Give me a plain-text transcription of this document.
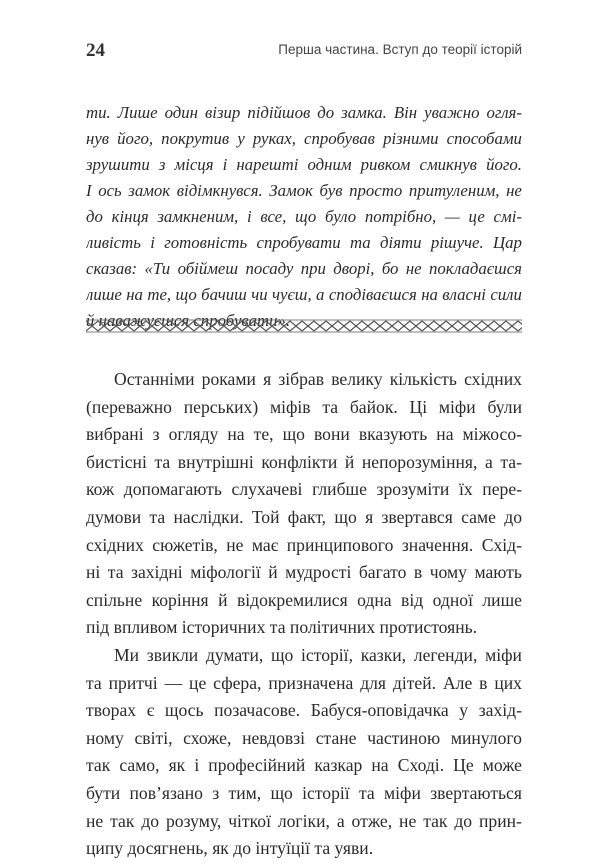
24	Перша частина. Вступ до теорії історій
ти. Лише один візир підійшов до замка. Він уважно огля-
нув його, покрутив у руках, спробував різними способами
зрушити з місця і нарешті одним ривком смикнув його.
І ось замок відімкнувся. Замок був просто притуленим, не
до кінця замкненим, і все, що було потрібно, — це смі-
ливість і готовність спробувати та діяти рішуче. Цар
сказав: «Ти обіймеш посаду при дворі, бо не покладаєшся
лише на те, що бачиш чи чуєш, а сподіваєшся на власні сили
й наважуєшся спробувати».
Останніми роками я зібрав велику кількість східних
(переважно перських) міфів та байок. Ці міфи були
вибрані з огляду на те, що вони вказують на міжосо-
бистісні та внутрішні конфлікти й непорозуміння, а та-
кож допомагають слухачеві глибше зрозуміти їх пере-
думови та наслідки. Той факт, що я звертався саме до
східних сюжетів, не має принципового значення. Схід-
ні та західні міфології й мудрості багато в чому мають
спільне коріння й відокремилися одна від одної лише
під впливом історичних та політичних протистоянь.
Ми звикли думати, що історії, казки, легенди, міфи
та притчі — це сфера, призначена для дітей. Але в цих
творах є щось позачасове. Бабуся-оповідачка у захід-
ному світі, схоже, невдовзі стане частиною минулого
так само, як і професійний казкар на Сході. Це може
бути пов’язано з тим, що історії та міфи звертаються
не так до розуму, чіткої логіки, а отже, не так до прин-
ципу досягнень, як до інтуїції та уяви.
